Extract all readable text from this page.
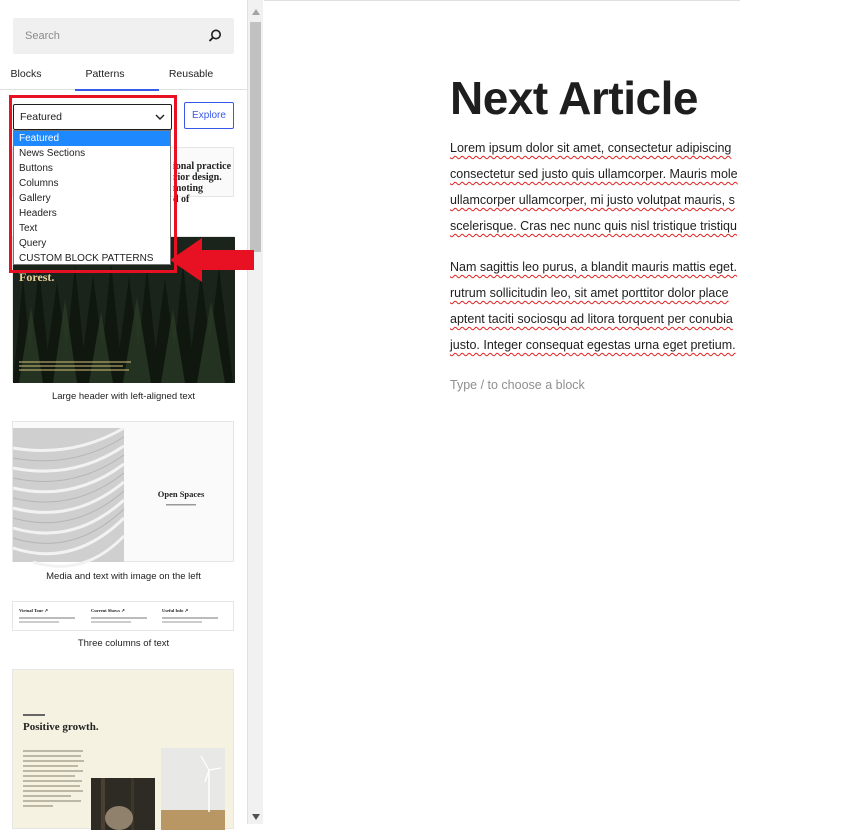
Search
Blocks	Patterns	Reusable
Featured	Explore
Featured
News Sections
Buttons
Columns
Gallery
Headers
Text
Query
CUSTOM BLOCK PATTERNS
ional practice
rior design.
moting
d of
Forest.
Large header with left-aligned text
Open Spaces
Media and text with image on the left
Virtual Tour ↗	Current Shows ↗	Useful Info ↗
Three columns of text
Positive growth.
Next Article
Lorem ipsum dolor sit amet, consectetur adipiscing
consectetur sed justo quis ullamcorper. Mauris mole
ullamcorper ullamcorper, mi justo volutpat mauris, s
scelerisque. Cras nec nunc quis nisl tristique tristiqu
Nam sagittis leo purus, a blandit mauris mattis eget.
rutrum sollicitudin leo, sit amet porttitor dolor place
aptent taciti sociosqu ad litora torquent per conubia
justo. Integer consequat egestas urna eget pretium.
Type / to choose a block
